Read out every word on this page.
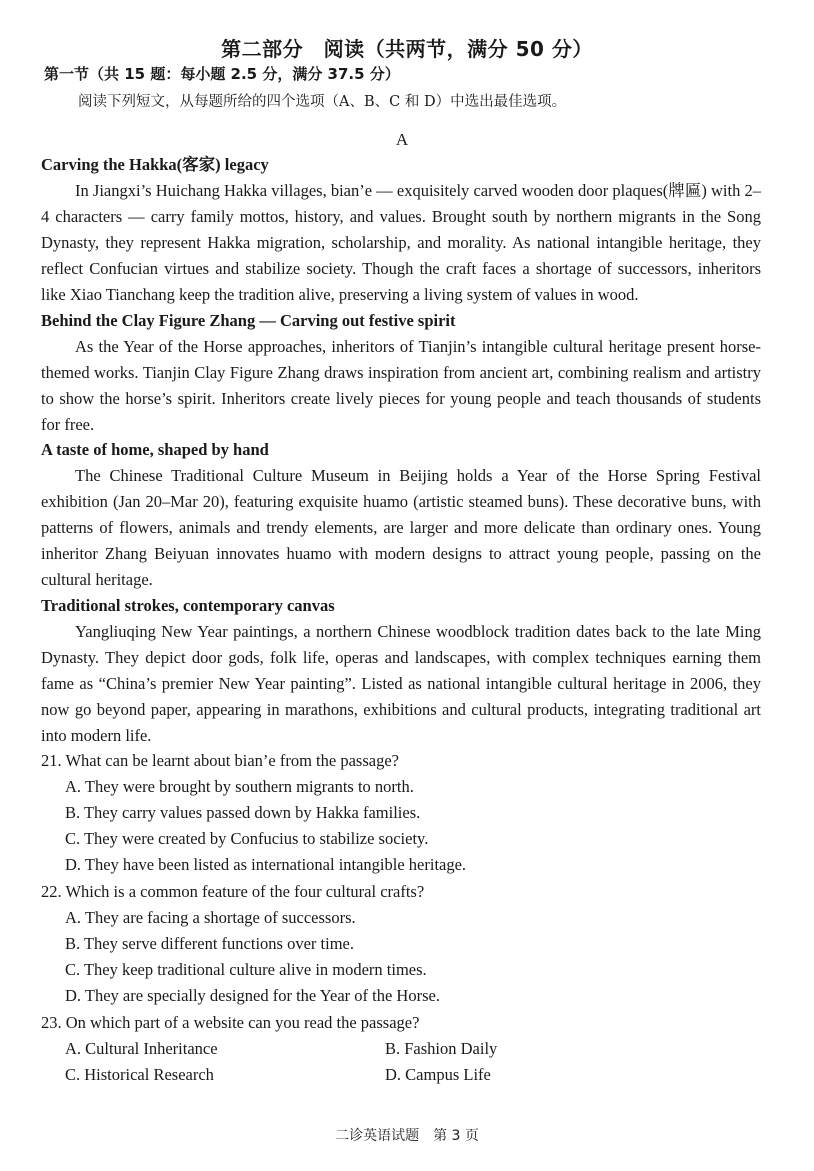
第二部分　阅读（共两节，满分 50 分）
第一节（共 15 题：每小题 2.5 分，满分 37.5 分）
阅读下列短文，从每题所给的四个选项（A、B、C 和 D）中选出最佳选项。
A
Carving the Hakka(客家) legacy
In Jiangxi’s Huichang Hakka villages, bian’e — exquisitely carved wooden door plaques(牌匾) with 2–4 characters — carry family mottos, history, and values. Brought south by northern migrants in the Song Dynasty, they represent Hakka migration, scholarship, and morality. As national intangible heritage, they reflect Confucian virtues and stabilize society. Though the craft faces a shortage of successors, inheritors like Xiao Tianchang keep the tradition alive, preserving a living system of values in wood.
Behind the Clay Figure Zhang — Carving out festive spirit
As the Year of the Horse approaches, inheritors of Tianjin’s intangible cultural heritage present horse-themed works. Tianjin Clay Figure Zhang draws inspiration from ancient art, combining realism and artistry to show the horse’s spirit. Inheritors create lively pieces for young people and teach thousands of students for free.
A taste of home, shaped by hand
The Chinese Traditional Culture Museum in Beijing holds a Year of the Horse Spring Festival exhibition (Jan 20–Mar 20), featuring exquisite huamo (artistic steamed buns). These decorative buns, with patterns of flowers, animals and trendy elements, are larger and more delicate than ordinary ones. Young inheritor Zhang Beiyuan innovates huamo with modern designs to attract young people, passing on the cultural heritage.
Traditional strokes, contemporary canvas
Yangliuqing New Year paintings, a northern Chinese woodblock tradition dates back to the late Ming Dynasty. They depict door gods, folk life, operas and landscapes, with complex techniques earning them fame as “China’s premier New Year painting”. Listed as national intangible cultural heritage in 2006, they now go beyond paper, appearing in marathons, exhibitions and cultural products, integrating traditional art into modern life.
21. What can be learnt about bian’e from the passage?
A. They were brought by southern migrants to north.
B. They carry values passed down by Hakka families.
C. They were created by Confucius to stabilize society.
D. They have been listed as international intangible heritage.
22. Which is a common feature of the four cultural crafts?
A. They are facing a shortage of successors.
B. They serve different functions over time.
C. They keep traditional culture alive in modern times.
D. They are specially designed for the Year of the Horse.
23. On which part of a website can you read the passage?
A. Cultural Inheritance	B. Fashion Daily
C. Historical Research	D. Campus Life
二诊英语试题　第 3 页
